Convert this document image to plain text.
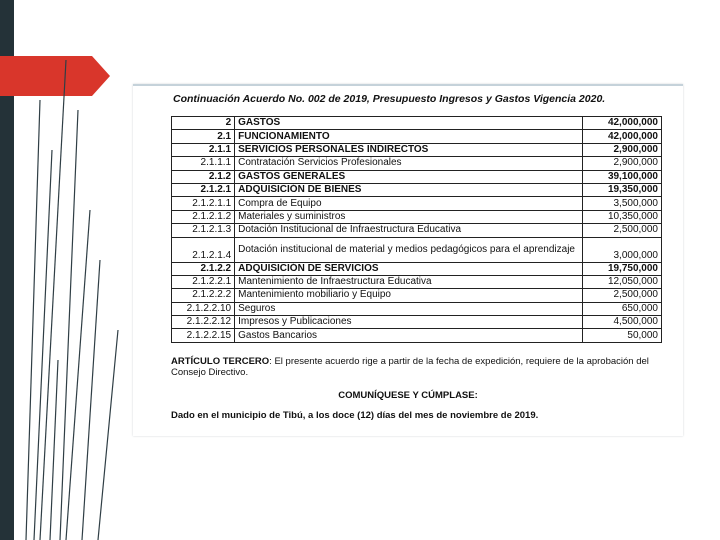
Continuación Acuerdo No. 002 de 2019, Presupuesto Ingresos y Gastos Vigencia 2020.
2	GASTOS	42,000,000
2.1	FUNCIONAMIENTO	42,000,000
2.1.1	SERVICIOS PERSONALES INDIRECTOS	2,900,000
2.1.1.1	Contratación Servicios Profesionales	2,900,000
2.1.2	GASTOS GENERALES	39,100,000
2.1.2.1	ADQUISICIÓN DE BIENES	19,350,000
2.1.2.1.1	Compra de Equipo	3,500,000
2.1.2.1.2	Materiales y suministros	10,350,000
2.1.2.1.3	Dotación Institucional de Infraestructura Educativa	2,500,000
2.1.2.1.4	Dotación institucional de material y medios pedagógicos para el aprendizaje	3,000,000
2.1.2.2	ADQUISICIÓN DE SERVICIOS	19,750,000
2.1.2.2.1	Mantenimiento de Infraestructura Educativa	12,050,000
2.1.2.2.2	Mantenimiento mobiliario y Equipo	2,500,000
2.1.2.2.10	Seguros	650,000
2.1.2.2.12	Impresos y Publicaciones	4,500,000
2.1.2.2.15	Gastos Bancarios	50,000
ARTÍCULO TERCERO: El presente acuerdo rige a partir de la fecha de expedición, requiere de la aprobación del Consejo Directivo.
COMUNÍQUESE Y CÚMPLASE:
Dado en el municipio de Tibú, a los doce (12) días del mes de noviembre de 2019.
